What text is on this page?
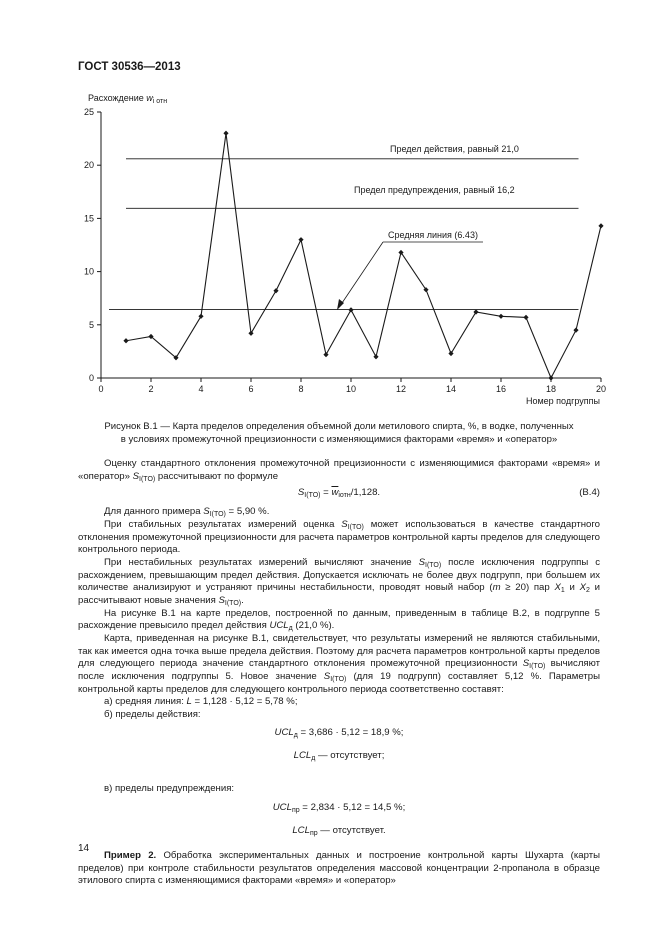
ГОСТ 30536—2013
0
5
10
15
20
25
0	2	4	6	8	10	12	14	16	18	20
Расхождение $w_{i отн}$
Номер подгруппы
Предел действия, равный 21,0
Предел предупреждения, равный 16,2
Средняя линия (6.43)
Рисунок В.1 — Карта пределов определения объемной доли метилового спирта, %, в водке, полученных
в условиях промежуточной прецизионности с изменяющимися факторами «время» и «оператор»

Оценку стандартного отклонения промежуточной прецизионности с изменяющимися факторами «время» и «оператор» $S_{I(TO)}$ рассчитывают по формуле

$S_{I(TO)} = \overline{w}_{iотн}/1,128$.	(B.4)

Для данного примера $S_{I(TO)} = 5,90$ %.

При стабильных результатах измерений оценка $S_{I(TO)}$ может использоваться в качестве стандартного отклонения промежуточной прецизионности для расчета параметров контрольной карты пределов для следующего контрольного периода.

При нестабильных результатах измерений вычисляют значение $S_{I(TO)}$ после исключения подгруппы с расхождением, превышающим предел действия. Допускается исключать не более двух подгрупп, при большем их количестве анализируют и устраняют причины нестабильности, проводят новый набор (m ≥ 20) пар $X_1$ и $X_2$ и рассчитывают новые значения $S_{I(TO)}$.

На рисунке В.1 на карте пределов, построенной по данным, приведенным в таблице В.2, в подгруппе 5 расхождение превысило предел действия $UCL_д$ (21,0 %).

Карта, приведенная на рисунке В.1, свидетельствует, что результаты измерений не являются стабильными, так как имеется одна точка выше предела действия. Поэтому для расчета параметров контрольной карты пределов для следующего периода значение стандартного отклонения промежуточной прецизионности $S_{I(TO)}$ вычисляют после исключения подгруппы 5. Новое значение $S_{I(TO)}$ (для 19 подгрупп) составляет 5,12 %. Параметры контрольной карты пределов для следующего контрольного периода соответственно составят:

а) средняя линия: L = 1,128 · 5,12 = 5,78 %;

б) пределы действия:

$UCL_д = 3,686 \cdot 5,12 = 18,9$ %;
$LCL_д$ — отсутствует;

в) пределы предупреждения:

$UCL_{пр} = 2,834 \cdot 5,12 = 14,5$ %;
$LCL_{пр}$ — отсутствует.

Пример 2. Обработка экспериментальных данных и построение контрольной карты Шухарта (карты пределов) при контроле стабильности результатов определения массовой концентрации 2-пропанола в образце этилового спирта с изменяющимися факторами «время» и «оператор»

14
